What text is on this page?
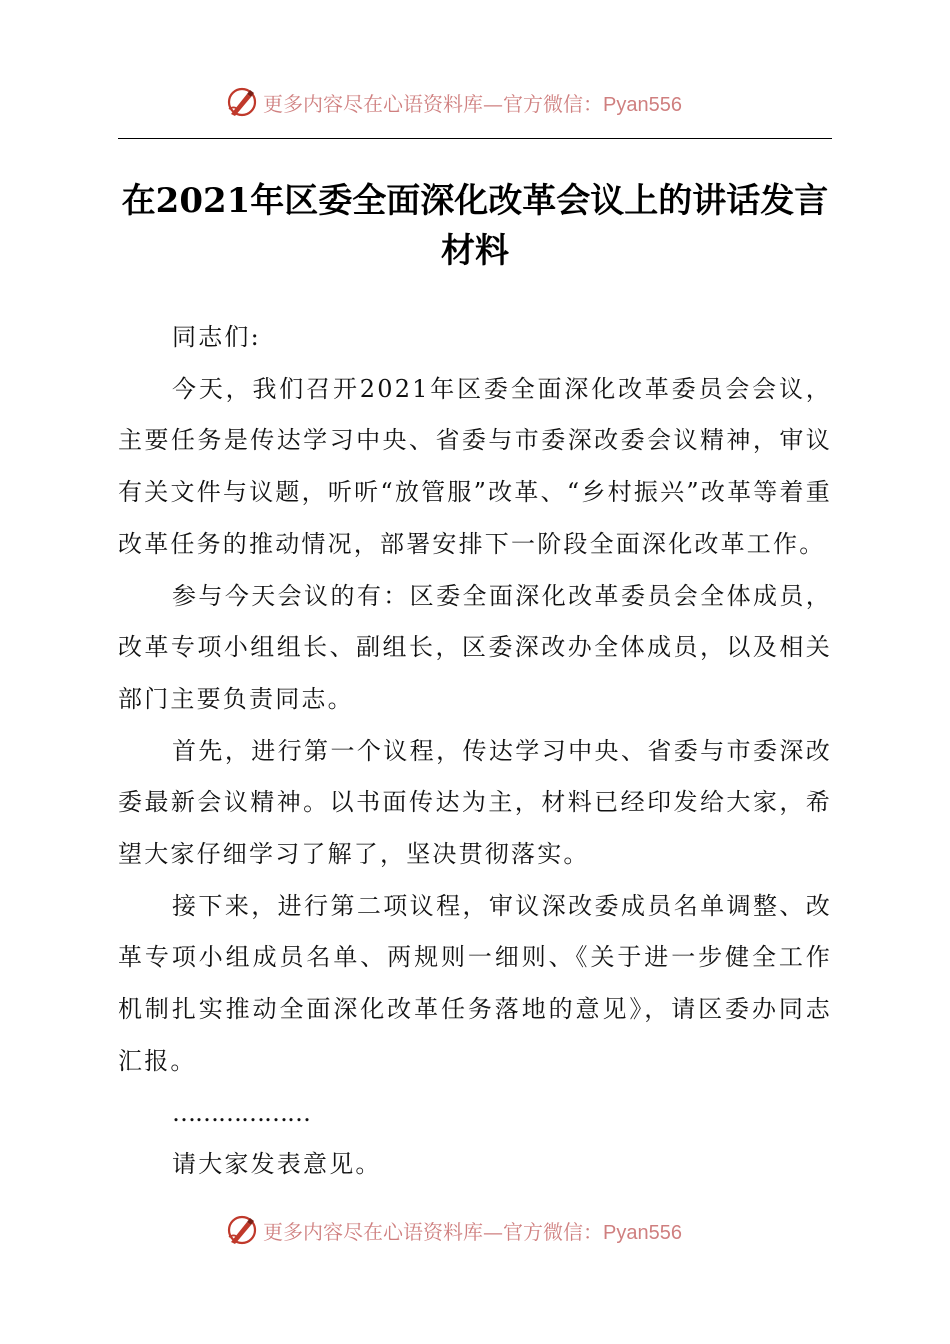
更多内容尽在心语资料库—官方微信：Pyan556
在2021年区委全面深化改革会议上的讲话发言材料

同志们:

今天，我们召开2021年区委全面深化改革委员会会议，主要任务是传达学习中央、省委与市委深改委会议精神，审议有关文件与议题，听听“放管服”改革、“乡村振兴”改革等着重改革任务的推动情况，部署安排下一阶段全面深化改革工作。

参与今天会议的有：区委全面深化改革委员会全体成员，改革专项小组组长、副组长，区委深改办全体成员，以及相关部门主要负责同志。

首先，进行第一个议程，传达学习中央、省委与市委深改委最新会议精神。以书面传达为主，材料已经印发给大家，希望大家仔细学习了解了，坚决贯彻落实。

接下来，进行第二项议程，审议深改委成员名单调整、改革专项小组成员名单、两规则一细则、《关于进一步健全工作机制扎实推动全面深化改革任务落地的意见》，请区委办同志汇报。

………………

请大家发表意见。

更多内容尽在心语资料库—官方微信：Pyan556
